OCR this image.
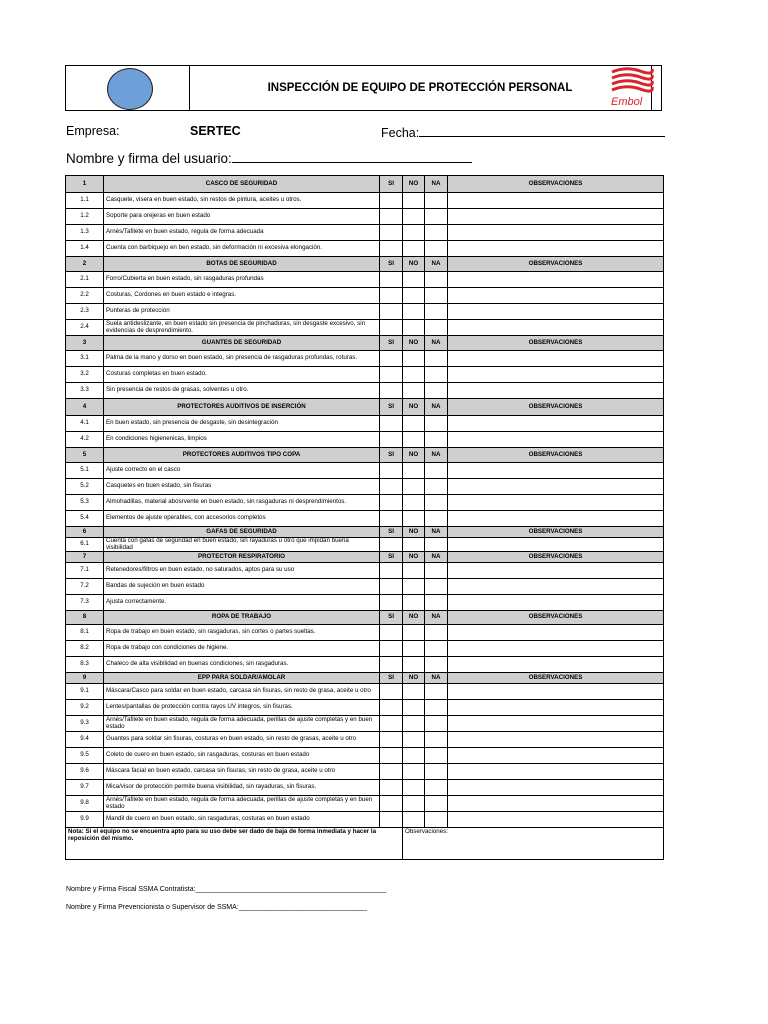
INSPECCIÓN DE EQUIPO DE PROTECCIÓN PERSONAL
Embol
Empresa:	SERTEC	Fecha:
Nombre y firma del usuario:
1	CASCO DE SEGURIDAD	SI	NO	NA	OBSERVACIONES
1.1	Casquete, visera en buen estado, sin restos de pintura, aceites u otros.				
1.2	Soporte para orejeras en buen estado				
1.3	Arnés/Tafilete en buen estado, regula de forma adecuada				
1.4	Cuenta con barbiquejo en ben estado, sin deformación ni excesiva elongación.				
2	BOTAS DE SEGURIDAD	SI	NO	NA	OBSERVACIONES
2.1	Forro/Cubierta en buen estado, sin rasgaduras profundas				
2.2	Costuras, Cordones en buen estado e integras.				
2.3	Punteras de protección				
2.4	Suela antideslizante, en buen estado sin presencia de pinchaduras, sin desgaste excesivo, sin evidencias de desprendimiento.				
3	GUANTES DE SEGURIDAD	SI	NO	NA	OBSERVACIONES
3.1	Palma de la mano y dorso en buen estado, sin presencia de rasgaduras profundas, roturas.				
3.2	Costuras completas en buen estado.				
3.3	Sin presencia de restos de grasas, solventes u otro.				
4	PROTECTORES AUDITIVOS DE INSERCIÓN	SI	NO	NA	OBSERVACIONES
4.1	En buen estado, sin presencia de desgaste, sin desintegración				
4.2	En condiciones higienenicas, limpios				
5	PROTECTORES AUDITIVOS TIPO COPA	SI	NO	NA	OBSERVACIONES
5.1	Ajuste correcto en el casco				
5.2	Casquetes en buen estado, sin fisuras				
5.3	Almohadillas, material abosrvente en buen estado, sin rasgaduras ni desprendimientos.				
5.4	Elementos de ajuste operables, con accesorios completos				
6	GAFAS DE SEGURIDAD	SI	NO	NA	OBSERVACIONES
6.1	Cuenta con gafas de seguridad en buen estado, sin rayaduras u otro que impidan buena visibilidad				
7	PROTECTOR RESPIRATORIO	SI	NO	NA	OBSERVACIONES
7.1	Retenedores/filtros en buen estado, no saturados, aptos para su uso				
7.2	Bandas de sujeción en buen estado				
7.3	Ajusta correctamente.				
8	ROPA DE TRABAJO	SI	NO	NA	OBSERVACIONES
8.1	Ropa de trabajo en buen estado, sin rasgaduras, sin cortes o partes sueltas.				
8.2	Ropa de trabajo con condiciones de higiene.				
8.3	Chaleco de alta visibilidad en buenas condiciones, sin rasgaduras.				
9	EPP PARA SOLDAR/AMOLAR	SI	NO	NA	OBSERVACIONES
9.1	Máscara/Casco para soldar en buen estado, carcasa sin fisuras, sin resto de grasa, aceite u otro				
9.2	Lentes/pantallas de protección contra rayos UV integros, sin fisuras.				
9.3	Arnés/Tafilete en buen estado, regula de forma adecuada, perillas de ajuste completas y en buen estado				
9.4	Guantes para soldar sin fisuras, costuras en buen estado, sin resto de grasas, aceite u otro				
9.5	Coleto de cuero en buen estado, sin rasgaduras, costuras en buen estado				
9.6	Máscara facial en buen estado, carcasa sin fisuras, sin resto de grasa, aceite u otro				
9.7	Mica/visor de protección permite buena visibilidad, sin rayaduras, sin fisuras.				
9.8	Arnés/Tafilete en buen estado, regula de forma adecuada, perillas de ajuste completas y en buen estado				
9.9	Mandil de cuero en buen estado, sin rasgaduras, costuras en buen estado				
Nota: Si el equipo no se encuentra apto para su uso debe ser dado de baja de forma inmediata y hacer la reposición del mismo.			Observaciones:		
Nombre y Firma Fiscal SSMA Contratista:_________________________________________________
Nombre y Firma Prevencionista o Supervisor de SSMA:_________________________________
